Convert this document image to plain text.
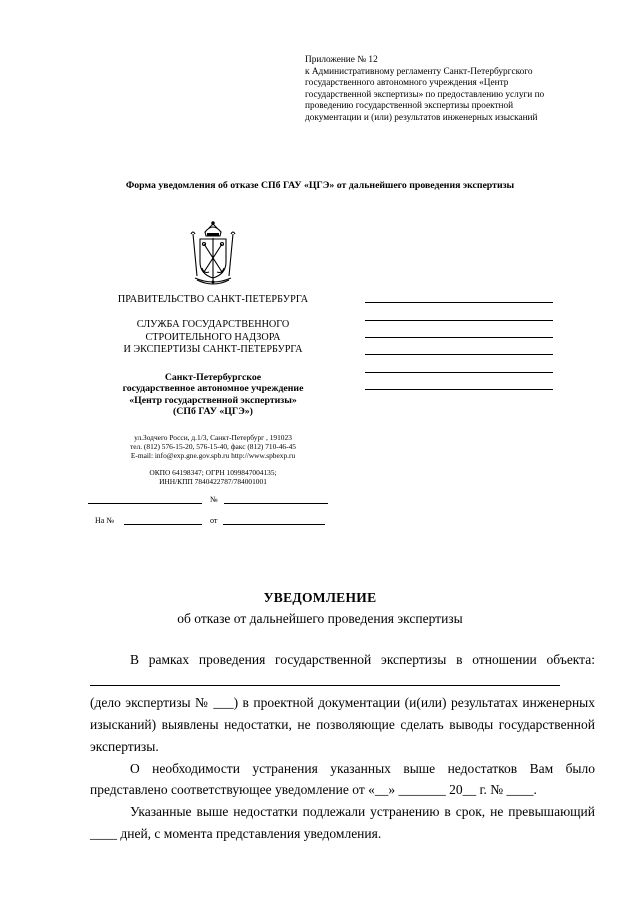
Приложение № 12
к Административному регламенту Санкт-Петербургского
государственного автономного учреждения «Центр
государственной экспертизы» по предоставлению услуги по
проведению государственной экспертизы проектной
документации и (или) результатов инженерных изысканий
Форма уведомления об отказе СПб ГАУ «ЦГЭ» от дальнейшего проведения экспертизы
ПРАВИТЕЛЬСТВО САНКТ-ПЕТЕРБУРГА
СЛУЖБА ГОСУДАРСТВЕННОГО
СТРОИТЕЛЬНОГО НАДЗОРА
И ЭКСПЕРТИЗЫ САНКТ-ПЕТЕРБУРГА
Санкт-Петербургское
государственное автономное учреждение
«Центр государственной экспертизы»
(СПб ГАУ «ЦГЭ»)
ул.Зодчего Росси, д.1/3, Санкт-Петербург , 191023
тел. (812) 576-15-20, 576-15-40, факс (812) 710-46-45
E-mail: info@exp.gne.gov.spb.ru http://www.spbexp.ru
ОКПО 64198347; ОГРН 1099847004135;
ИНН/КПП 7840422787/784001001
№
На №	от
УВЕДОМЛЕНИЕ
об отказе от дальнейшего проведения экспертизы

В рамках проведения государственной экспертизы в отношении объекта:

(дело экспертизы № ___) в проектной документации (и(или) результатах инженерных изысканий) выявлены недостатки, не позволяющие сделать выводы государственной экспертизы.

О необходимости устранения указанных выше недостатков Вам было представлено соответствующее уведомление от «__» _______ 20__ г. № ____.

Указанные выше недостатки подлежали устранению в срок, не превышающий ____ дней, с момента представления уведомления.
